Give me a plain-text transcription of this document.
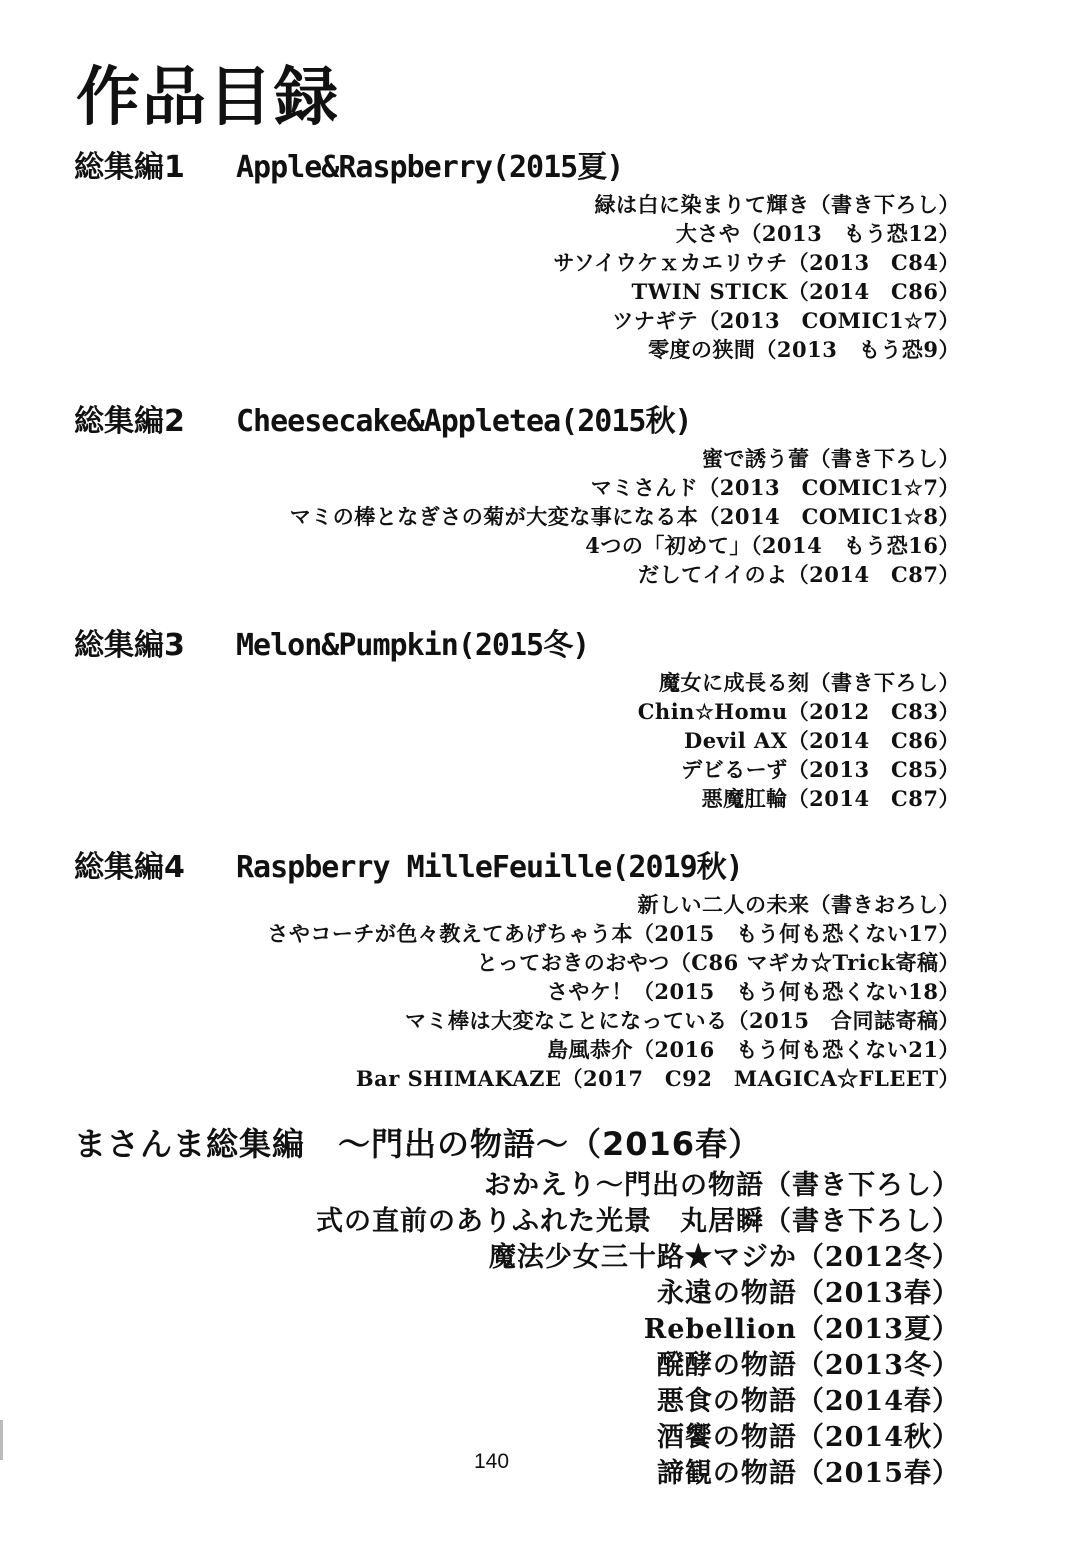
作品目録
総集編1 Apple&Raspberry(2015夏)
緑は白に染まりて輝き（書き下ろし）
大さや（2013　もう恐12）
サソイウケｘカエリウチ（2013　C84）
TWIN STICK（2014　C86）
ツナギテ（2013　COMIC1☆7）
零度の狭間（2013　もう恐9）
総集編2 Cheesecake&Appletea(2015秋)
蜜で誘う蕾（書き下ろし）
マミさんド（2013　COMIC1☆7）
マミの棒となぎさの菊が大変な事になる本（2014　COMIC1☆8）
4つの「初めて」（2014　もう恐16）
だしてイイのよ（2014　C87）
総集編3 Melon&Pumpkin(2015冬)
魔女に成長る刻（書き下ろし）
Chin☆Homu（2012　C83）
Devil AX（2014　C86）
デビるーず（2013　C85）
悪魔肛輪（2014　C87）
総集編4 Raspberry MilleFeuille(2019秋)
新しい二人の未来（書きおろし）
さやコーチが色々教えてあげちゃう本（2015　もう何も恐くない17）
とっておきのおやつ（C86 マギカ☆Trick寄稿）
さやケ！（2015　もう何も恐くない18）
マミ棒は大変なことになっている（2015　合同誌寄稿）
島風恭介（2016　もう何も恐くない21）
Bar SHIMAKAZE（2017　C92　MAGICA☆FLEET）
まさんま総集編　～門出の物語～（2016春）
おかえり～門出の物語（書き下ろし）
式の直前のありふれた光景　丸居瞬（書き下ろし）
魔法少女三十路★マジか（2012冬）
永遠の物語（2013春）
Rebellion（2013夏）
醗酵の物語（2013冬）
悪食の物語（2014春）
酒饗の物語（2014秋）
諦観の物語（2015春）
140
